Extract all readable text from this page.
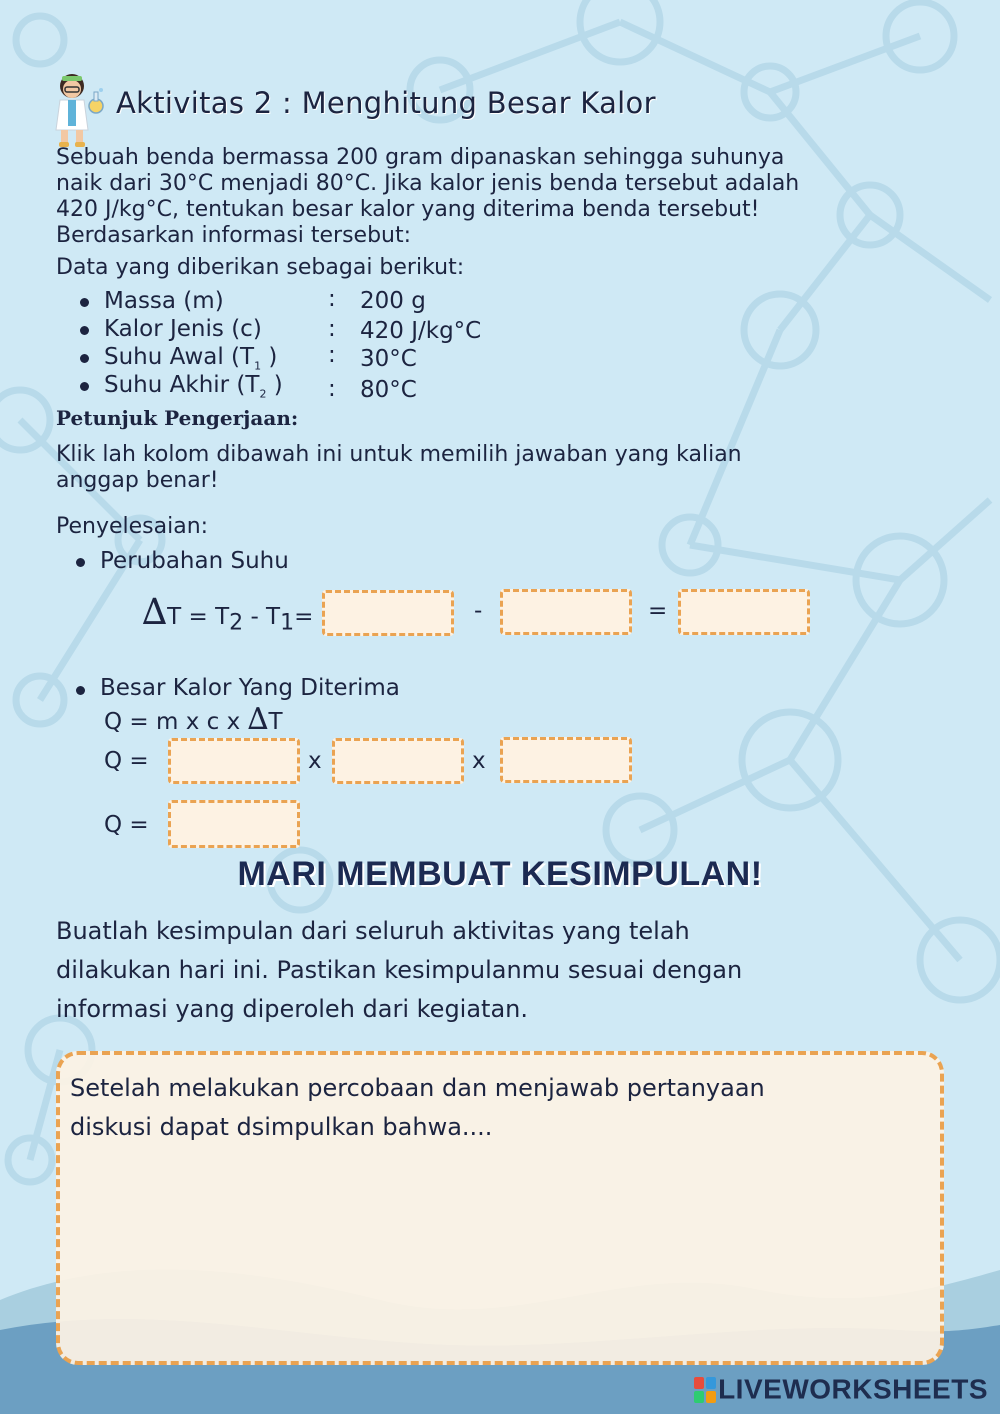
Aktivitas 2 : Menghitung Besar Kalor
Sebuah benda bermassa 200 gram dipanaskan sehingga suhunya
naik dari 30°C menjadi 80°C. Jika kalor jenis benda tersebut adalah
420 J/kg°C, tentukan besar kalor yang diterima benda tersebut!
Berdasarkan informasi tersebut:
Data yang diberikan sebagai berikut:
Massa (m)	: 200 g
Kalor Jenis (c)	: 420 J/kg°C
Suhu Awal ($T_1$ ) : 30°C
Suhu Akhir ($T_2$ ) : 80°C
Petunjuk Pengerjaan:
Klik lah kolom dibawah ini untuk memilih jawaban yang kalian
anggap benar!
Penyelesaian:
Perubahan Suhu
$\Delta T = T_2 - T_1=$	-	=
Besar Kalor Yang Diterima
Q = m x c x ∆T
Q =	x	x
Q =
MARI MEMBUAT KESIMPULAN!
Buatlah kesimpulan dari seluruh aktivitas yang telah
dilakukan hari ini. Pastikan kesimpulanmu sesuai dengan
informasi yang diperoleh dari kegiatan.
Setelah melakukan percobaan dan menjawab pertanyaan
diskusi dapat dsimpulkan bahwa....
LIVEWORKSHEETS
